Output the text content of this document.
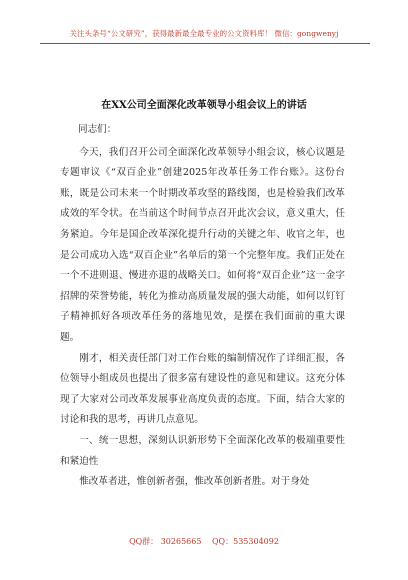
关注头条号“公文研究”，获得最新最全最专业的公文资料库！ 微信：gongwenyj
在XX公司全面深化改革领导小组会议上的讲话

同志们：

今天，我们召开公司全面深化改革领导小组会议，核心议题是专题审议《“双百企业”创建2025年改革任务工作台账》。这份台账，既是公司未来一个时期改革攻坚的路线图，也是检验我们改革成效的军令状。在当前这个时间节点召开此次会议，意义重大，任务紧迫。今年是国企改革深化提升行动的关键之年、收官之年，也是公司成功入选“双百企业”名单后的第一个完整年度。我们正处在一个不进则退、慢进亦退的战略关口。如何将“双百企业”这一金字招牌的荣誉势能，转化为推动高质量发展的强大动能，如何以钉钉子精神抓好各项改革任务的落地见效，是摆在我们面前的重大课题。

刚才，相关责任部门对工作台账的编制情况作了详细汇报，各位领导小组成员也提出了很多富有建设性的意见和建议。这充分体现了大家对公司改革发展事业高度负责的态度。下面，结合大家的讨论和我的思考，再讲几点意见。

一、统一思想，深刻认识新形势下全面深化改革的极端重要性和紧迫性

惟改革者进，惟创新者强，惟改革创新者胜。对于身处

QQ群： 30265665 QQ：535304092
